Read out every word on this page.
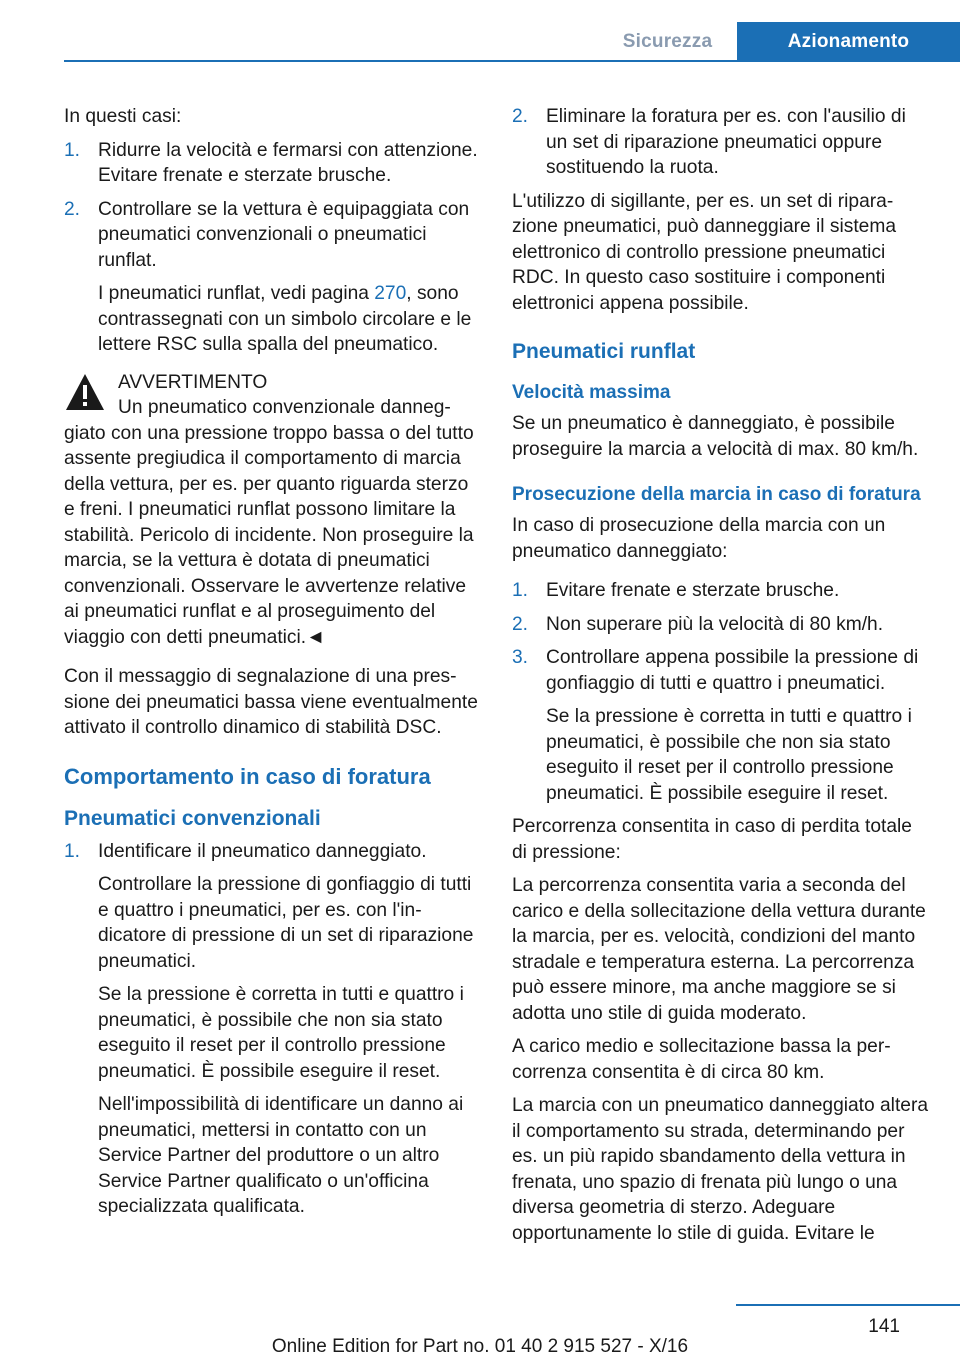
Sicurezza	Azionamento

In questi casi:

1. Ridurre la velocità e fermarsi con attenzione. Evitare frenate e sterzate brusche.
2. Controllare se la vettura è equipaggiata con pneumatici convenzionali o pneumatici runflat.
I pneumatici runflat, vedi pagina 270, sono contrassegnati con un simbolo circolare e le lettere RSC sulla spalla del pneumatico.
AVVERTIMENTO
Un pneumatico convenzionale danneggiato con una pressione troppo bassa o del tutto assente pregiudica il comportamento di marcia della vettura, per es. per quanto riguarda sterzo e freni. I pneumatici runflat possono limitare la stabilità. Pericolo di incidente. Non proseguire la marcia, se la vettura è dotata di pneumatici convenzionali. Osservare le avvertenze relative ai pneumatici runflat e al proseguimento del viaggio con detti pneumatici.◄

Con il messaggio di segnalazione di una pressione dei pneumatici bassa viene eventualmente attivato il controllo dinamico di stabilità DSC.

Comportamento in caso di foratura
Pneumatici convenzionali
1. Identificare il pneumatico danneggiato.
Controllare la pressione di gonfiaggio di tutti e quattro i pneumatici, per es. con l'indicatore di pressione di un set di riparazione pneumatici.
Se la pressione è corretta in tutti e quattro i pneumatici, è possibile che non sia stato eseguito il reset per il controllo pressione pneumatici. È possibile eseguire il reset.
Nell'impossibilità di identificare un danno ai pneumatici, mettersi in contatto con un Service Partner del produttore o un altro Service Partner qualificato o un'officina specializzata qualificata.
2. Eliminare la foratura per es. con l'ausilio di un set di riparazione pneumatici oppure sostituendo la ruota.

L'utilizzo di sigillante, per es. un set di riparazione pneumatici, può danneggiare il sistema elettronico di controllo pressione pneumatici RDC. In questo caso sostituire i componenti elettronici appena possibile.

Pneumatici runflat
Velocità massima

Se un pneumatico è danneggiato, è possibile proseguire la marcia a velocità di max. 80 km/h.

Prosecuzione della marcia in caso di foratura

In caso di prosecuzione della marcia con un pneumatico danneggiato:

1. Evitare frenate e sterzate brusche.
2. Non superare più la velocità di 80 km/h.
3. Controllare appena possibile la pressione di gonfiaggio di tutti e quattro i pneumatici.
Se la pressione è corretta in tutti e quattro i pneumatici, è possibile che non sia stato eseguito il reset per il controllo pressione pneumatici. È possibile eseguire il reset.

Percorrenza consentita in caso di perdita totale di pressione:

La percorrenza consentita varia a seconda del carico e della sollecitazione della vettura durante la marcia, per es. velocità, condizioni del manto stradale e temperatura esterna. La percorrenza può essere minore, ma anche maggiore se si adotta uno stile di guida moderato.

A carico medio e sollecitazione bassa la percorrenza consentita è di circa 80 km.

La marcia con un pneumatico danneggiato altera il comportamento su strada, determinando per es. un più rapido sbandamento della vettura in frenata, uno spazio di frenata più lungo o una diversa geometria di sterzo. Adeguare opportunamente lo stile di guida. Evitare le

141
Online Edition for Part no. 01 40 2 915 527 - X/16
